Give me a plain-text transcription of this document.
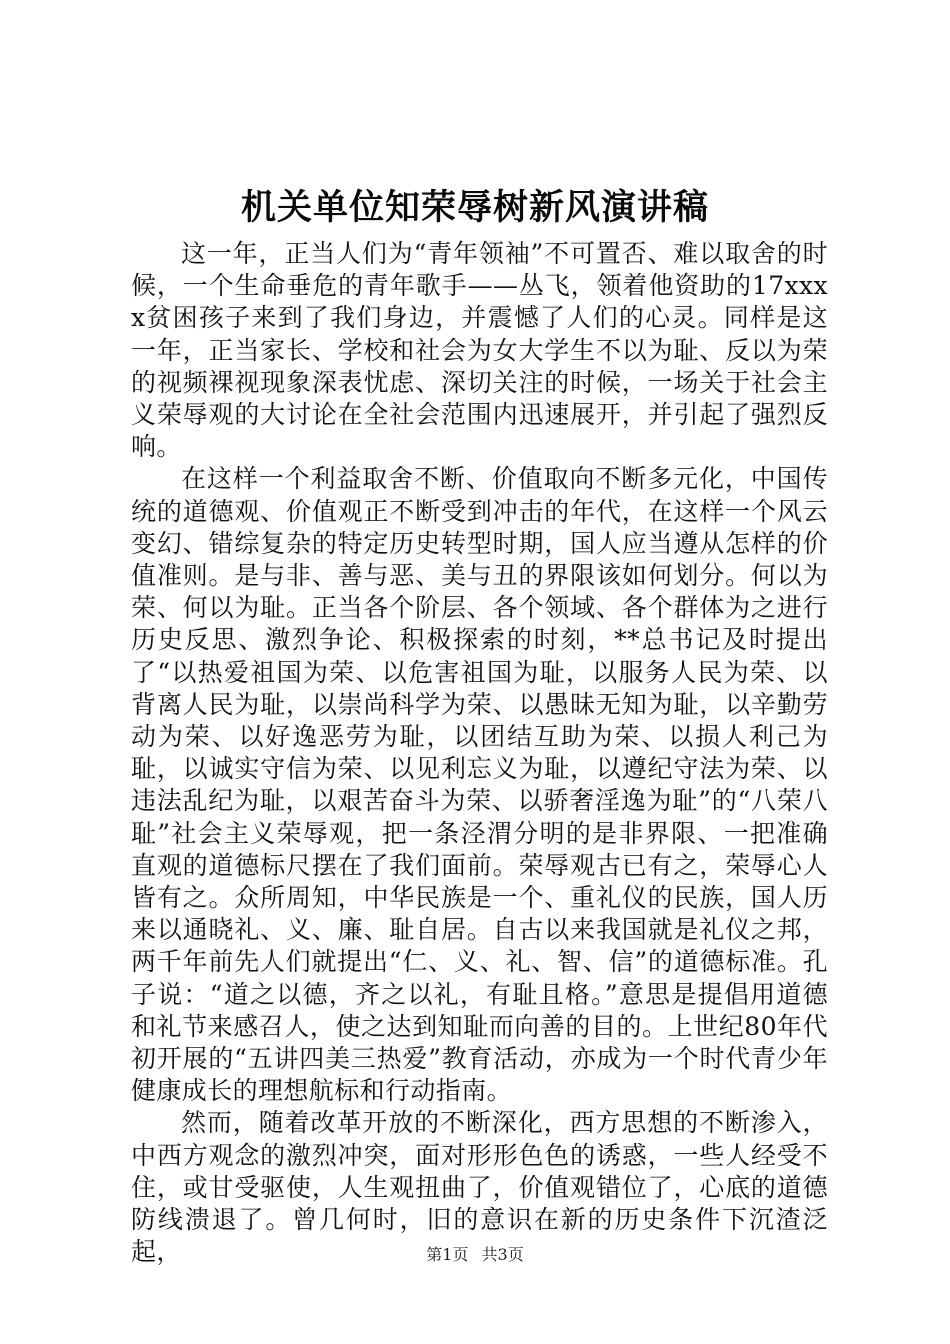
机关单位知荣辱树新风演讲稿

这一年，正当人们为“青年领袖”不可置否、难以取舍的时候，一个生命垂危的青年歌手——丛飞，领着他资助的17xxxx贫困孩子来到了我们身边，并震憾了人们的心灵。同样是这一年，正当家长、学校和社会为女大学生不以为耻、反以为荣的视频裸视现象深表忧虑、深切关注的时候，一场关于社会主义荣辱观的大讨论在全社会范围内迅速展开，并引起了强烈反响。

在这样一个利益取舍不断、价值取向不断多元化，中国传统的道德观、价值观正不断受到冲击的年代，在这样一个风云变幻、错综复杂的特定历史转型时期，国人应当遵从怎样的价值准则。是与非、善与恶、美与丑的界限该如何划分。何以为荣、何以为耻。正当各个阶层、各个领域、各个群体为之进行历史反思、激烈争论、积极探索的时刻，**总书记及时提出了“以热爱祖国为荣、以危害祖国为耻，以服务人民为荣、以背离人民为耻，以崇尚科学为荣、以愚昧无知为耻，以辛勤劳动为荣、以好逸恶劳为耻，以团结互助为荣、以损人利己为耻，以诚实守信为荣、以见利忘义为耻，以遵纪守法为荣、以违法乱纪为耻，以艰苦奋斗为荣、以骄奢淫逸为耻”的“八荣八耻”社会主义荣辱观，把一条泾渭分明的是非界限、一把准确直观的道德标尺摆在了我们面前。荣辱观古已有之，荣辱心人皆有之。众所周知，中华民族是一个、重礼仪的民族，国人历来以通晓礼、义、廉、耻自居。自古以来我国就是礼仪之邦，两千年前先人们就提出“仁、义、礼、智、信”的道德标准。孔子说：“道之以德，齐之以礼，有耻且格。”意思是提倡用道德和礼节来感召人，使之达到知耻而向善的目的。上世纪80年代初开展的“五讲四美三热爱”教育活动，亦成为一个时代青少年健康成长的理想航标和行动指南。

然而，随着改革开放的不断深化，西方思想的不断渗入，中西方观念的激烈冲突，面对形形色色的诱惑，一些人经受不住，或甘受驱使，人生观扭曲了，价值观错位了，心底的道德防线溃退了。曾几何时，旧的意识在新的历史条件下沉渣泛起，	第1页 共3页
